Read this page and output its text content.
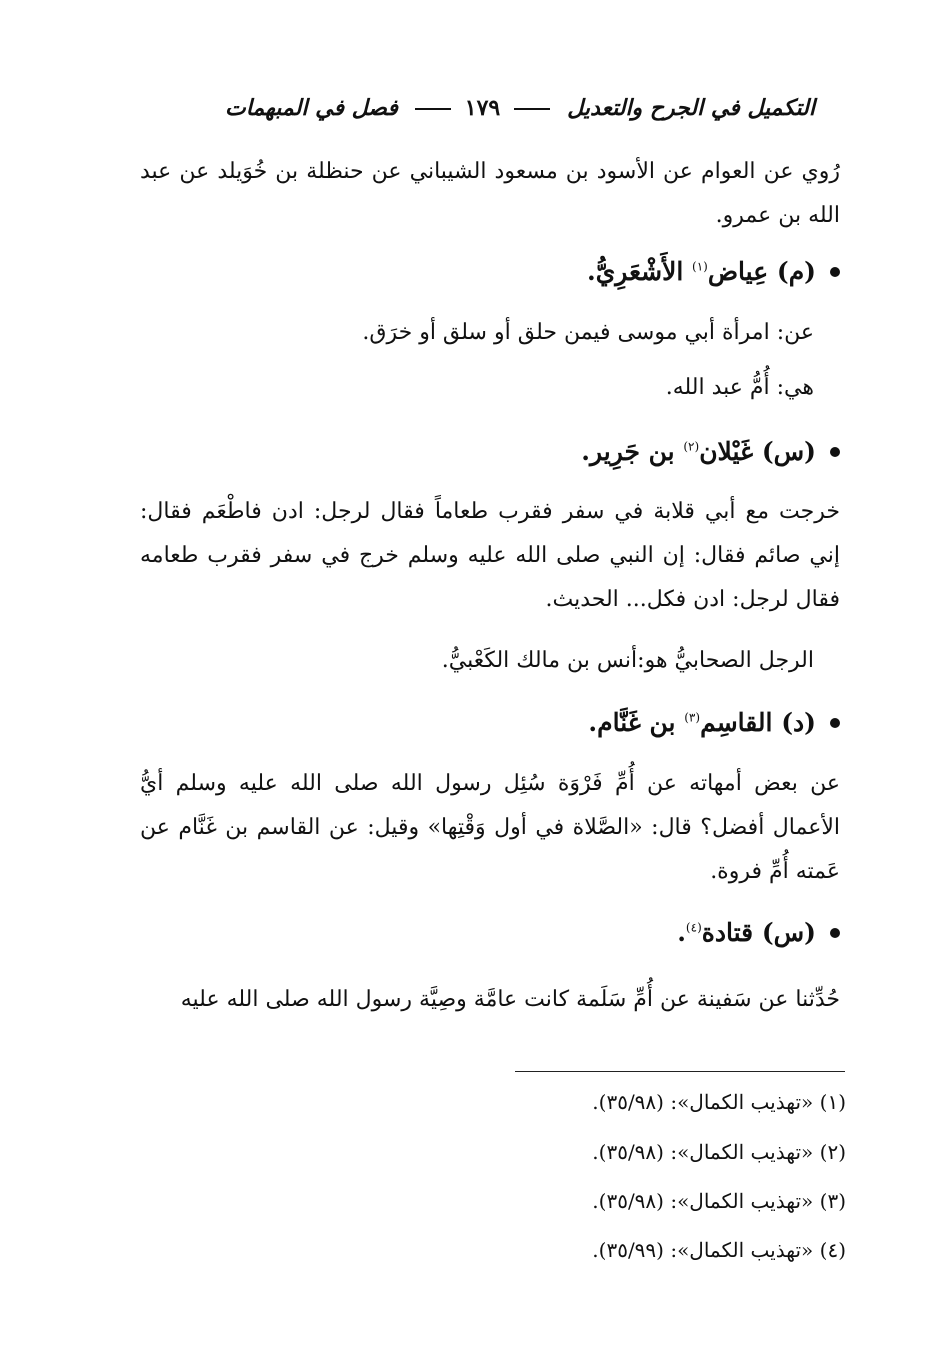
التكميل في الجرح والتعديل
١٧٩
فصل في المبهمات
رُوي عن العوام عن الأسود بن مسعود الشيباني عن حنظلة بن خُوَيلد عن عبد الله بن عمرو.
(م) عِياض$^{(١)}$ الأَشْعَرِيُّ.
عن: امرأة أبي موسى فيمن حلق أو سلق أو خرَق.
هي: أُمُّ عبد الله.
(س) غَيْلان$^{(٢)}$ بن جَرِير.
خرجت مع أبي قلابة في سفر فقرب طعاماً فقال لرجل: ادن فاطْعَم فقال: إني صائم فقال: إن النبي صلى الله عليه وسلم خرج في سفر فقرب طعامه فقال لرجل: ادن فكل... الحديث.
الرجل الصحابيُّ هو:أنس بن مالك الكَعْبيُّ.
(د) القاسِم$^{(٣)}$ بن غَنَّام.
عن بعض أمهاته عن أُمِّ فَرْوَة سُئِل رسول الله صلى الله عليه وسلم أيُّ الأعمال أفضل؟ قال: «الصَّلاة في أول وَقْتِها» وقيل: عن القاسم بن غَنَّام عن عَمته أُمِّ فروة.
(س) قتادة$^{(٤)}$.
حُدِّثنا عن سَفينة عن أُمِّ سَلَمة كانت عامَّة وصِيَّة رسول الله صلى الله عليه
(١) «تهذيب الكمال»: (٣٥/٩٨).
(٢) «تهذيب الكمال»: (٣٥/٩٨).
(٣) «تهذيب الكمال»: (٣٥/٩٨).
(٤) «تهذيب الكمال»: (٣٥/٩٩).
